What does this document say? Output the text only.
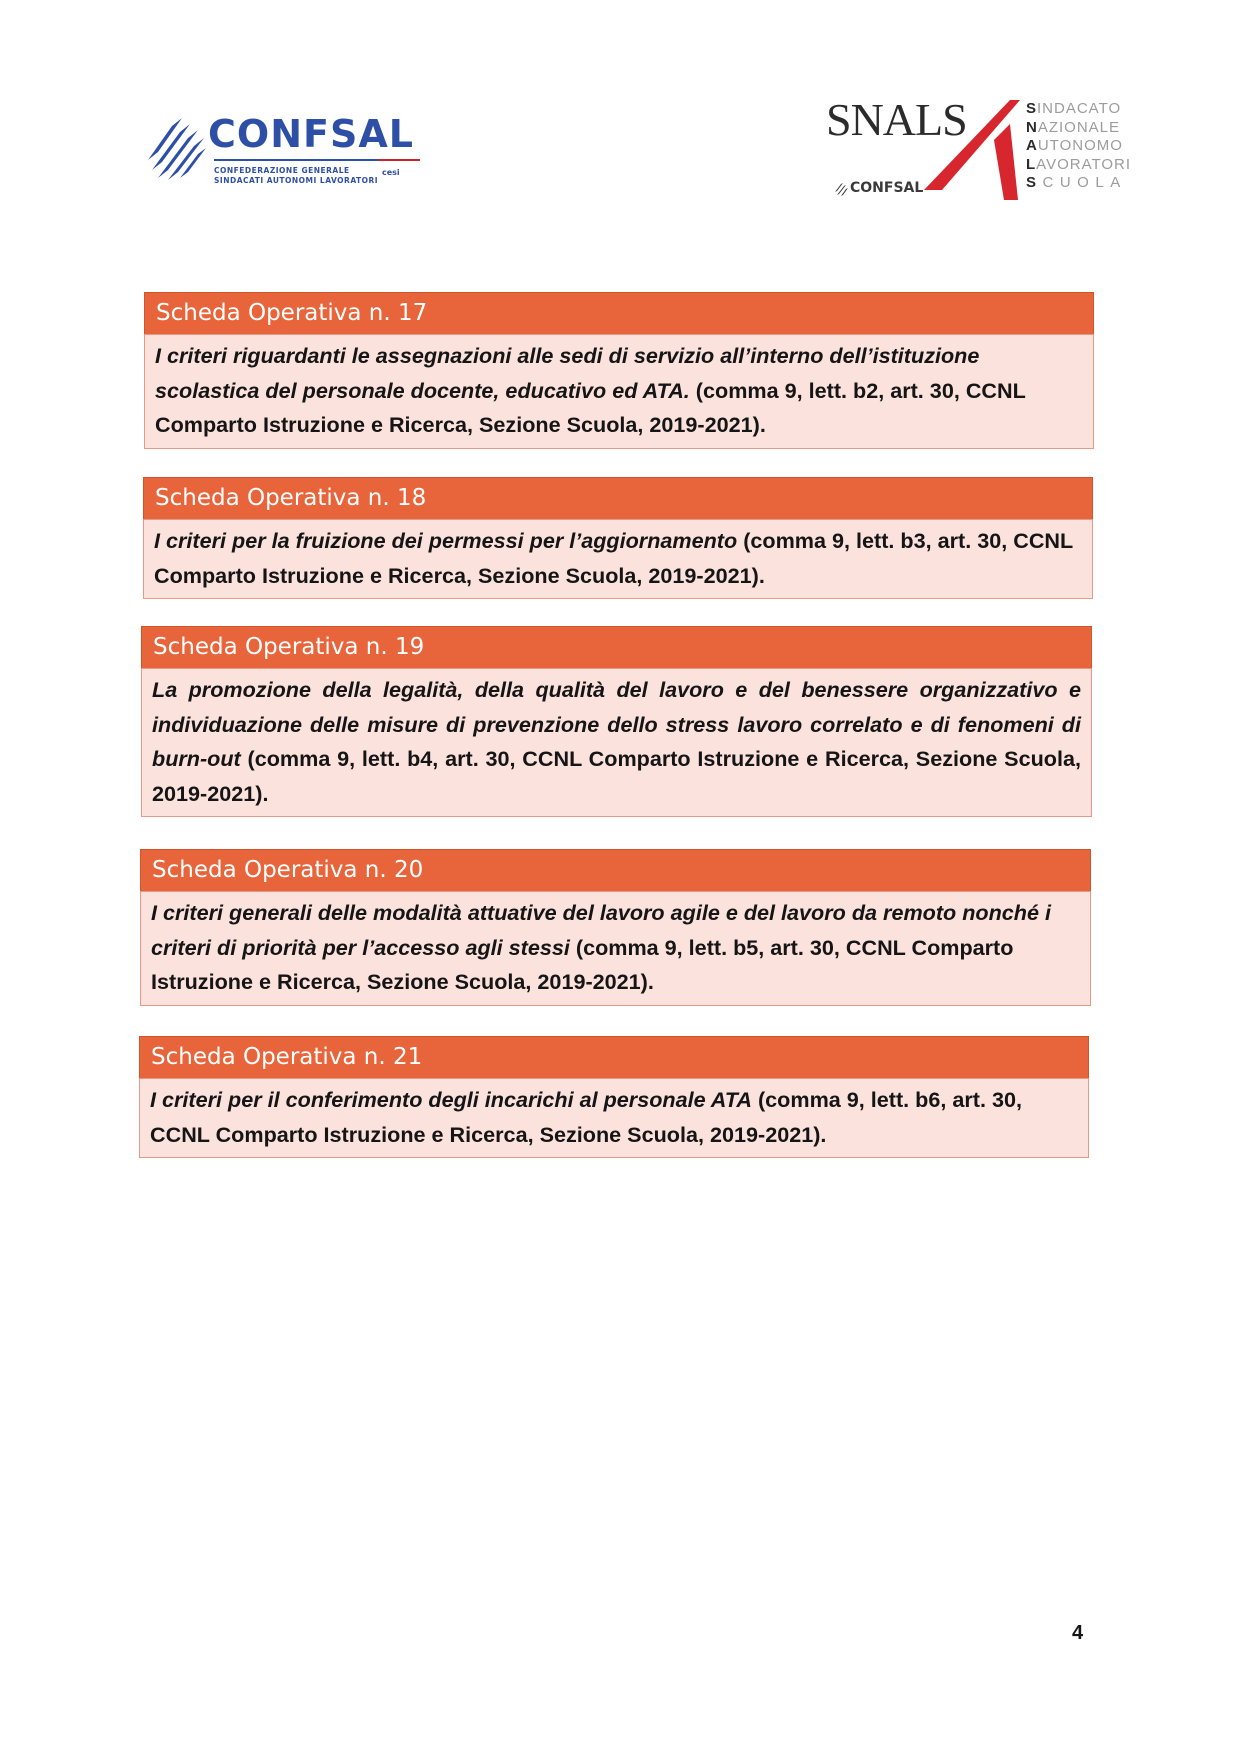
CONFSAL
CONFEDERAZIONE GENERALE
SINDACATI AUTONOMI LAVORATORI
cesi
SNALS
CONFSAL
SINDACATO
NAZIONALE
AUTONOMO
LAVORATORI
SCUOLA
Scheda Operativa n. 17
I criteri riguardanti le assegnazioni alle sedi di servizio all’interno dell’istituzione scolastica del personale docente, educativo ed ATA. (comma 9, lett. b2, art. 30, CCNL Comparto Istruzione e Ricerca, Sezione Scuola, 2019-2021).
Scheda Operativa n. 18
I criteri per la fruizione dei permessi per l’aggiornamento (comma 9, lett. b3, art. 30, CCNL Comparto Istruzione e Ricerca, Sezione Scuola, 2019-2021).
Scheda Operativa n. 19
La promozione della legalità, della qualità del lavoro e del benessere organizzativo e individuazione delle misure di prevenzione dello stress lavoro correlato e di fenomeni di burn-out (comma 9, lett. b4, art. 30, CCNL Comparto Istruzione e Ricerca, Sezione Scuola, 2019-2021).
Scheda Operativa n. 20
I criteri generali delle modalità attuative del lavoro agile e del lavoro da remoto nonché i criteri di priorità per l’accesso agli stessi (comma 9, lett. b5, art. 30, CCNL Comparto Istruzione e Ricerca, Sezione Scuola, 2019-2021).
Scheda Operativa n. 21
I criteri per il conferimento degli incarichi al personale ATA (comma 9, lett. b6, art. 30, CCNL Comparto Istruzione e Ricerca, Sezione Scuola, 2019-2021).
4
